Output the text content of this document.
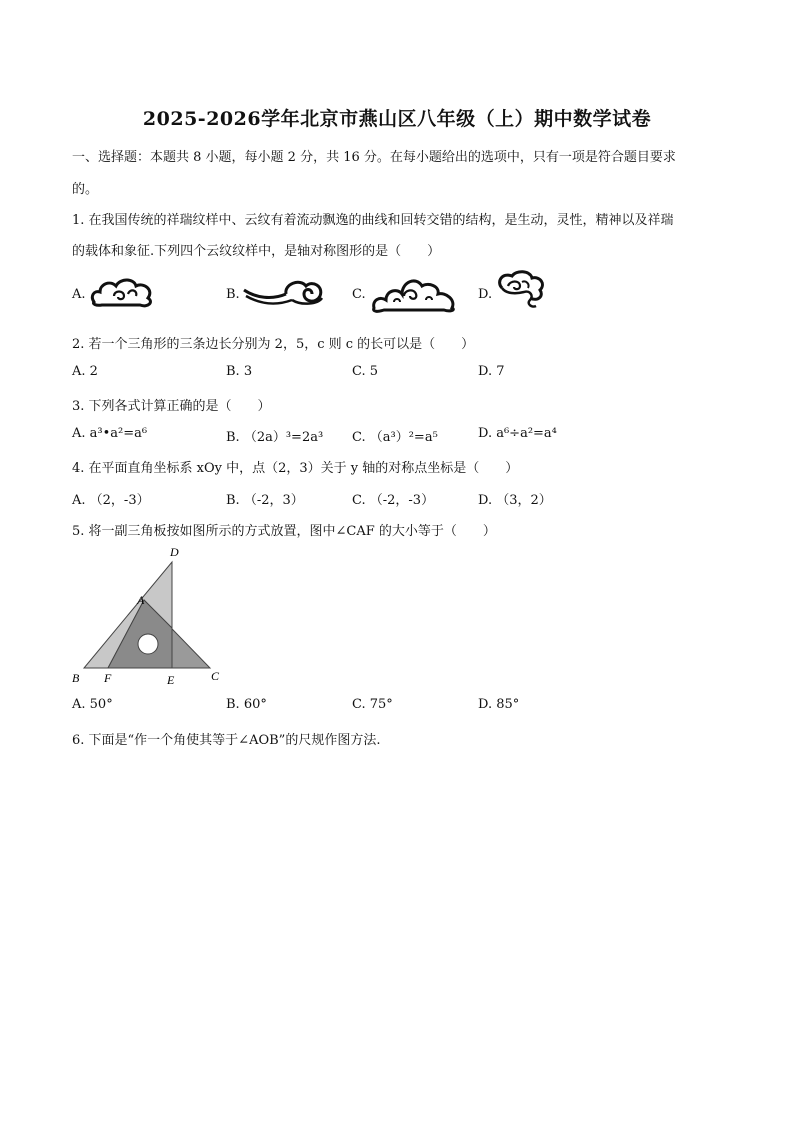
2025-2026学年北京市燕山区八年级（上）期中数学试卷
一、选择题：本题共 8 小题，每小题 2 分，共 16 分。在每小题给出的选项中，只有一项是符合题目要求
的。
1. 在我国传统的祥瑞纹样中、云纹有着流动飘逸的曲线和回转交错的结构，是生动，灵性，精神以及祥瑞
的载体和象征.下列四个云纹纹样中，是轴对称图形的是（　　）
A.	B.	C.	D.
2. 若一个三角形的三条边长分别为 2，5，c 则 c 的长可以是（　　）
A. 2	B. 3	C. 5	D. 7
3. 下列各式计算正确的是（　　）
A. a³•a²=a⁶	B. （2a）³=2a³ C. （a³）²=a⁵	D. a⁶÷a²=a⁴
4. 在平面直角坐标系 xOy 中，点（2，3）关于 y 轴的对称点坐标是（　　）
A. （2，-3）	B. （-2，3）	C. （-2，-3）	D. （3，2）
5. 将一副三角板按如图所示的方式放置，图中∠CAF 的大小等于（　　）
D
A
B F	E	C
A. 50°	B. 60°	C. 75°	D. 85°
6. 下面是“作一个角使其等于∠AOB”的尺规作图方法.
